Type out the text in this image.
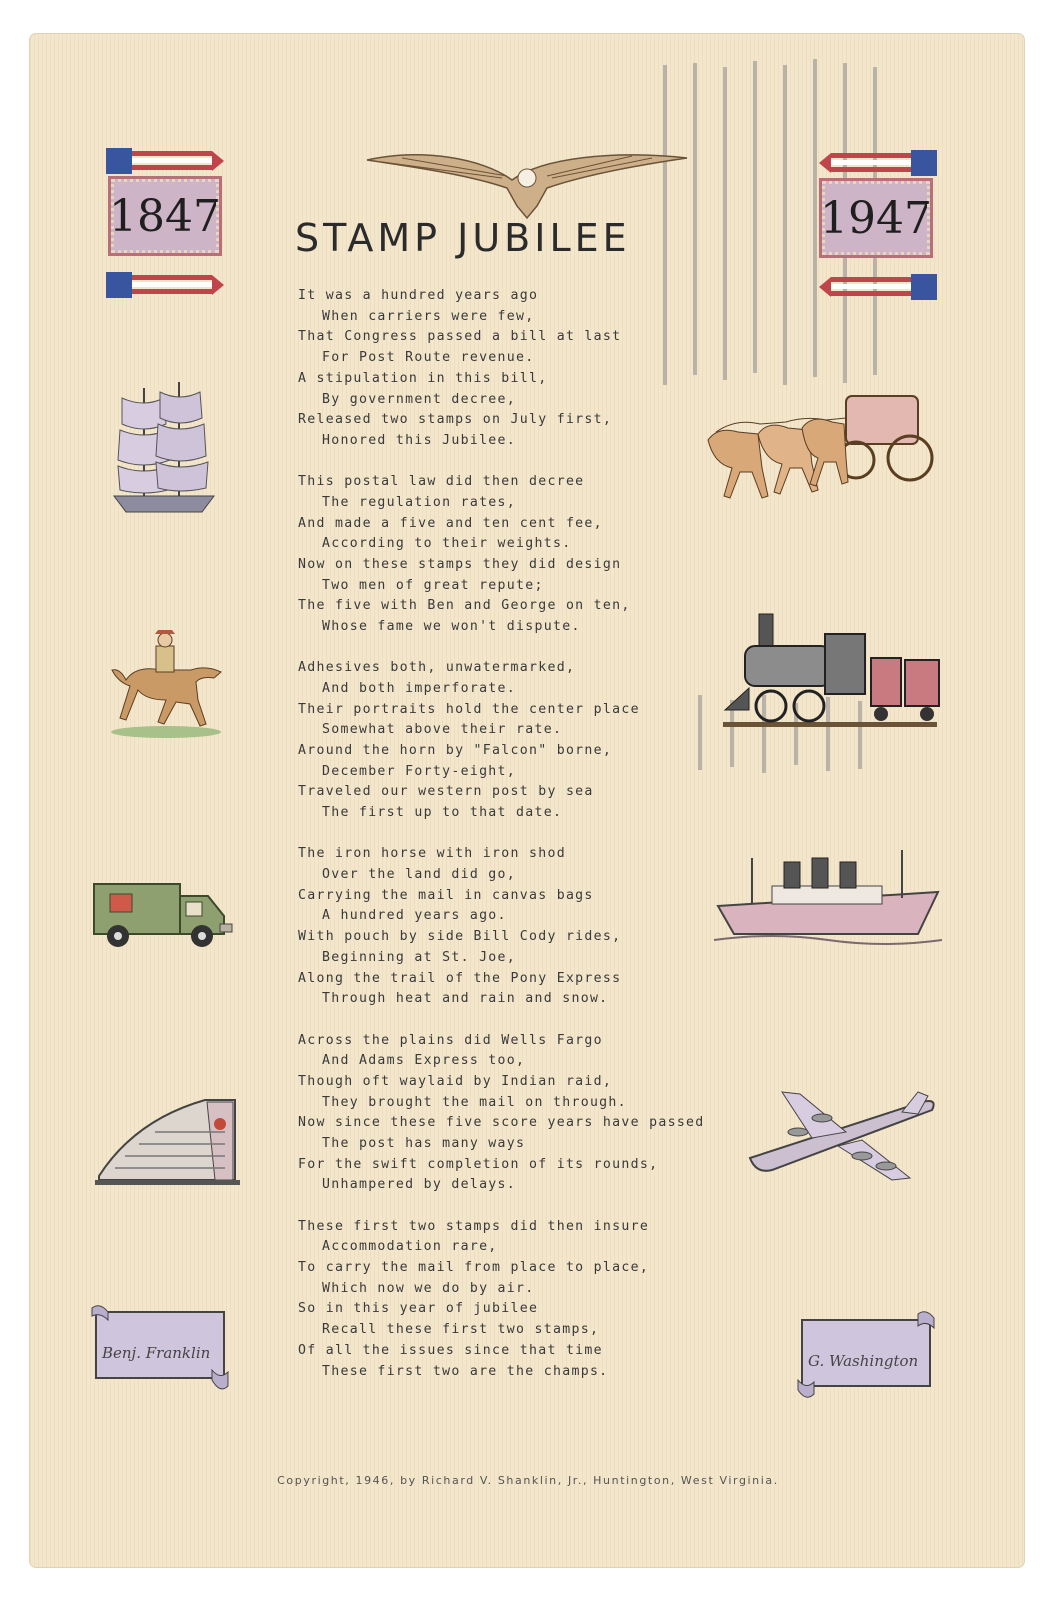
1847	1947
STAMP JUBILEE
It was a hundred years ago
When carriers were few,
That Congress passed a bill at last
For Post Route revenue.
A stipulation in this bill,
By government decree,
Released two stamps on July first,
Honored this Jubilee.
This postal law did then decree
The regulation rates,
And made a five and ten cent fee,
According to their weights.
Now on these stamps they did design
Two men of great repute;
The five with Ben and George on ten,
Whose fame we won't dispute.
Adhesives both, unwatermarked,
And both imperforate.
Their portraits hold the center place
Somewhat above their rate.
Around the horn by "Falcon" borne,
December Forty-eight,
Traveled our western post by sea
The first up to that date.
The iron horse with iron shod
Over the land did go,
Carrying the mail in canvas bags
A hundred years ago.
With pouch by side Bill Cody rides,
Beginning at St. Joe,
Along the trail of the Pony Express
Through heat and rain and snow.
Across the plains did Wells Fargo
And Adams Express too,
Though oft waylaid by Indian raid,
They brought the mail on through.
Now since these five score years have passed
The post has many ways
For the swift completion of its rounds,
Unhampered by delays.
These first two stamps did then insure
Accommodation rare,
To carry the mail from place to place,
Which now we do by air.
So in this year of jubilee
Recall these first two stamps,
Of all the issues since that time
These first two are the champs.
Benj. Franklin	G. Washington
Copyright, 1946, by Richard V. Shanklin, Jr., Huntington, West Virginia.
